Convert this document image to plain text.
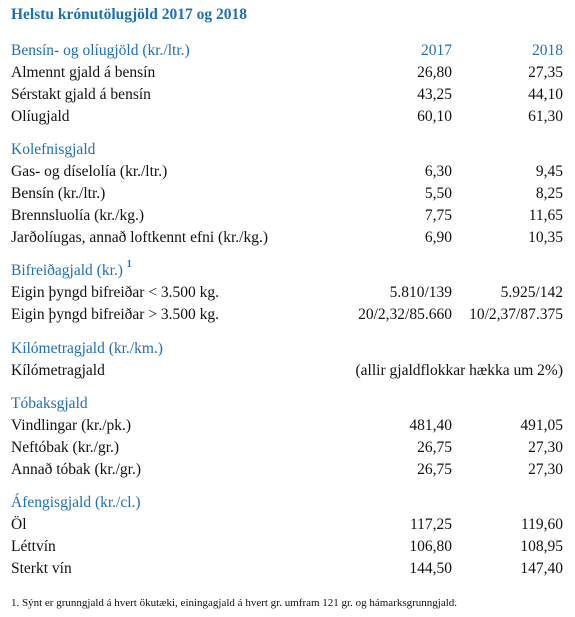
Helstu krónutölugjöld 2017 og 2018
Bensín- og olíugjöld (kr./ltr.)	2017	2018
Almennt gjald á bensín	26,80	27,35
Sérstakt gjald á bensín	43,25	44,10
Olíugjald	60,10	61,30
Kolefnisgjald
Gas- og díselolía (kr./ltr.)	6,30	9,45
Bensín (kr./ltr.)	5,50	8,25
Brennsluolía (kr./kg.)	7,75	11,65
Jarðolíugas, annað loftkennt efni (kr./kg.)	6,90	10,35
Bifreiðagjald (kr.) $^1$
Eigin þyngd bifreiðar < 3.500 kg.	5.810/139	5.925/142
Eigin þyngd bifreiðar > 3.500 kg.	20/2,32/85.660 10/2,37/87.375
Kílómetragjald (kr./km.)
Kílómetragjald	(allir gjaldflokkar hækka um 2%)
Tóbaksgjald
Vindlingar (kr./pk.)	481,40	491,05
Neftóbak (kr./gr.)	26,75	27,30
Annað tóbak (kr./gr.)	26,75	27,30
Áfengisgjald (kr./cl.)
Öl	117,25	119,60
Léttvín	106,80	108,95
Sterkt vín	144,50	147,40
1. Sýnt er grunngjald á hvert ökutæki, einingagjald á hvert gr. umfram 121 gr. og hámarksgrunngjald.
